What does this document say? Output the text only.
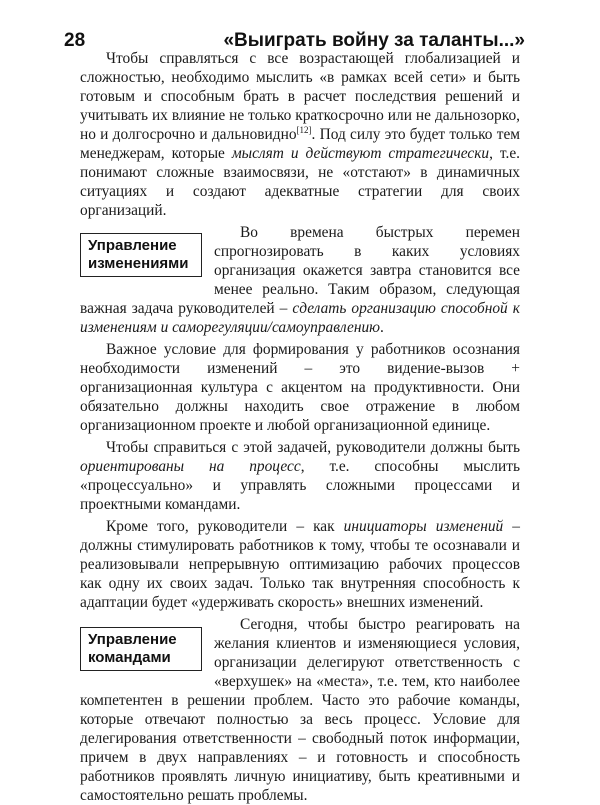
28	«Выиграть войну за таланты...»

Чтобы справляться с все возрастающей глобализацией и сложностью, необходимо мыслить «в рамках всей сети» и быть готовым и способным брать в расчет последствия решений и учитывать их влияние не только краткосрочно или не дальнозорко, но и долгосрочно и дальновидно[12]. Под силу это будет только тем менеджерам, которые мыслят и действуют стратегически, т.е. понимают сложные взаимосвязи, не «отстают» в динамичных ситуациях и создают адекватные стратегии для своих организаций.

Управление
изменениями
Во времена быстрых перемен спрогнозировать в каких условиях организация окажется завтра становится все менее реально. Таким образом, следующая важная задача руководителей – сделать организацию способной к изменениям и саморегуляции/самоуправлению.

Важное условие для формирования у работников осознания необходимости изменений – это видение-вызов + организационная культура с акцентом на продуктивности. Они обязательно должны находить свое отражение в любом организационном проекте и любой организационной единице.

Чтобы справиться с этой задачей, руководители должны быть ориентированы на процесс, т.е. способны мыслить «процессуально» и управлять сложными процессами и проектными командами.

Кроме того, руководители – как инициаторы изменений – должны стимулировать работников к тому, чтобы те осознавали и реализовывали непрерывную оптимизацию рабочих процессов как одну их своих задач. Только так внутренняя способность к адаптации будет «удерживать скорость» внешних изменений.

Управление
командами
Сегодня, чтобы быстро реагировать на желания клиентов и изменяющиеся условия, организации делегируют ответственность с «верхушек» на «места», т.е. тем, кто наиболее компетентен в решении проблем. Часто это рабочие команды, которые отвечают полностью за весь процесс. Условие для делегирования ответственности – свободный поток информации, причем в двух направлениях – и готовность и способность работников проявлять личную инициативу, быть креативными и самостоятельно решать проблемы.
